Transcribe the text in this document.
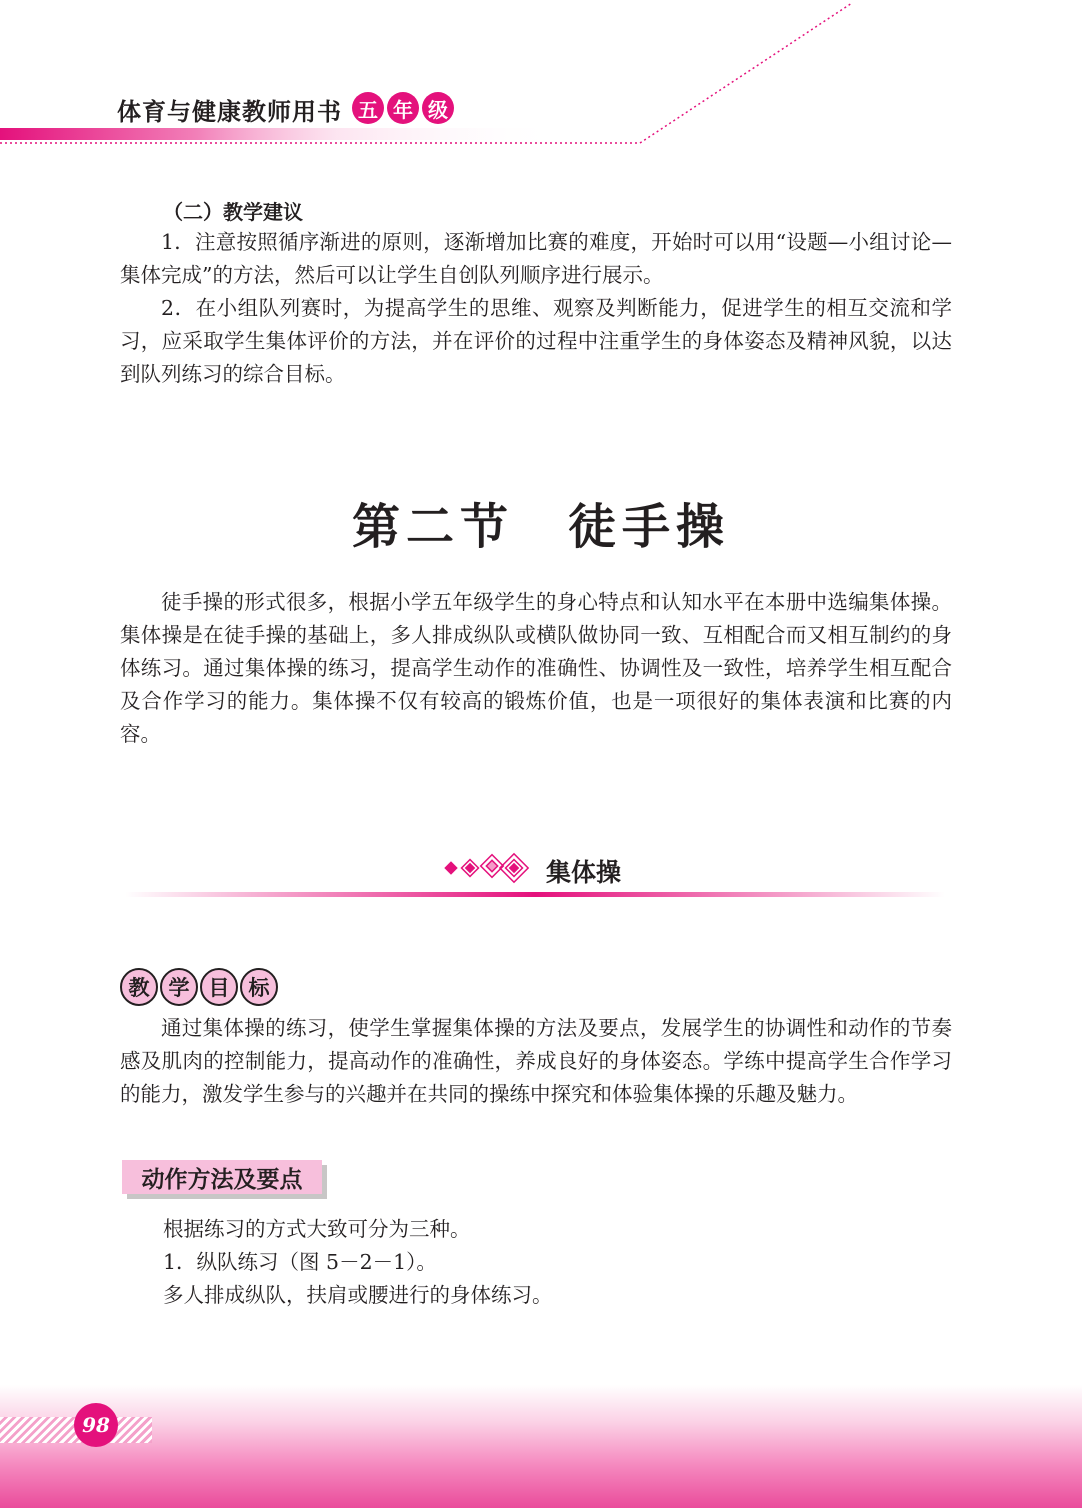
体育与健康教师用书 五 年 级
（二）教学建议

1．注意按照循序渐进的原则，逐渐增加比赛的难度，开始时可以用“设题—小组讨论—集体完成”的方法，然后可以让学生自创队列顺序进行展示。

2．在小组队列赛时，为提高学生的思维、观察及判断能力，促进学生的相互交流和学习，应采取学生集体评价的方法，并在评价的过程中注重学生的身体姿态及精神风貌，以达到队列练习的综合目标。

第二节　徒手操

徒手操的形式很多，根据小学五年级学生的身心特点和认知水平在本册中选编集体操。集体操是在徒手操的基础上，多人排成纵队或横队做协同一致、互相配合而又相互制约的身体练习。通过集体操的练习，提高学生动作的准确性、协调性及一致性，培养学生相互配合及合作学习的能力。集体操不仅有较高的锻炼价值，也是一项很好的集体表演和比赛的内容。

集体操
教 学 目 标

通过集体操的练习，使学生掌握集体操的方法及要点，发展学生的协调性和动作的节奏感及肌肉的控制能力，提高动作的准确性，养成良好的身体姿态。学练中提高学生合作学习的能力，激发学生参与的兴趣并在共同的操练中探究和体验集体操的乐趣及魅力。

动作方法及要点
根据练习的方式大致可分为三种。
1．纵队练习（图 5－2－1）。
多人排成纵队，扶肩或腰进行的身体练习。
98
